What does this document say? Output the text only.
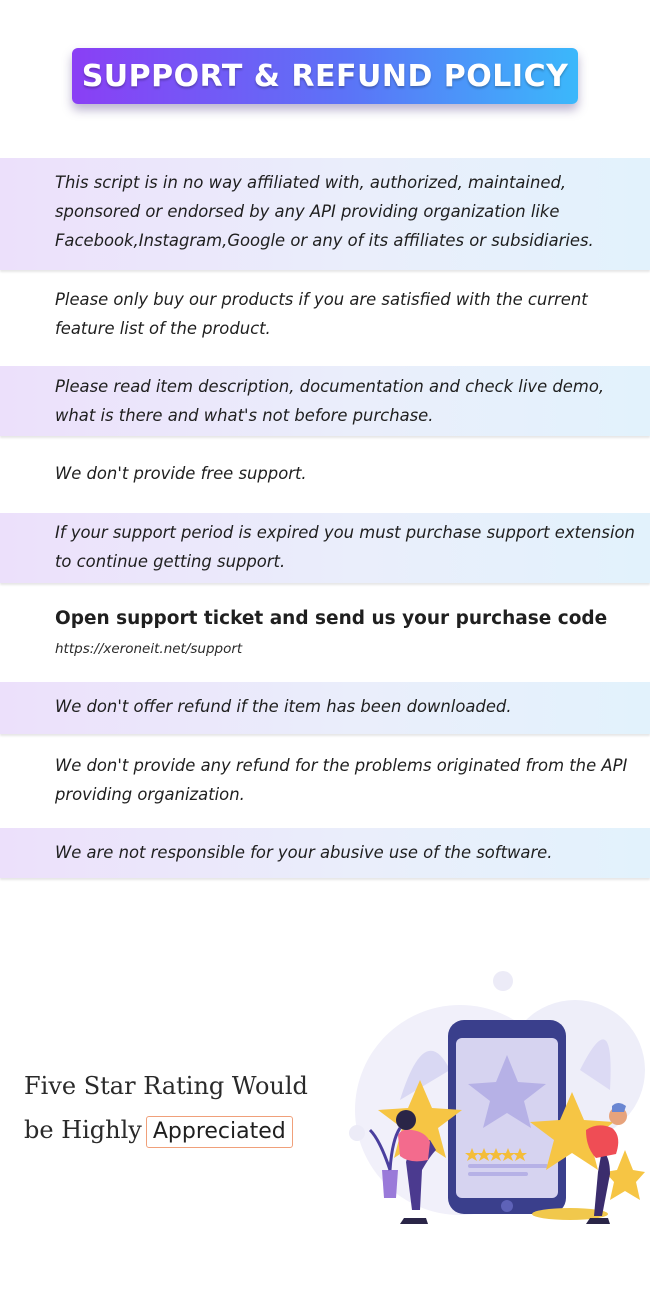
SUPPORT & REFUND POLICY
This script is in no way affiliated with, authorized, maintained, sponsored or endorsed by any API providing organization like Facebook,Instagram,Google or any of its affiliates or subsidiaries.
Please only buy our products if you are satisfied with the current feature list of the product.
Please read item description, documentation and check live demo, what is there and what's not before purchase.
We don't provide free support.
If your support period is expired you must purchase support extension to continue getting support.
Open support ticket and send us your purchase code
https://xeroneit.net/support
We don't offer refund if the item has been downloaded.
We don't provide any refund for the problems originated from the API providing organization.
We are not responsible for your abusive use of the software.
Five Star Rating Would
be Highly Appreciated
